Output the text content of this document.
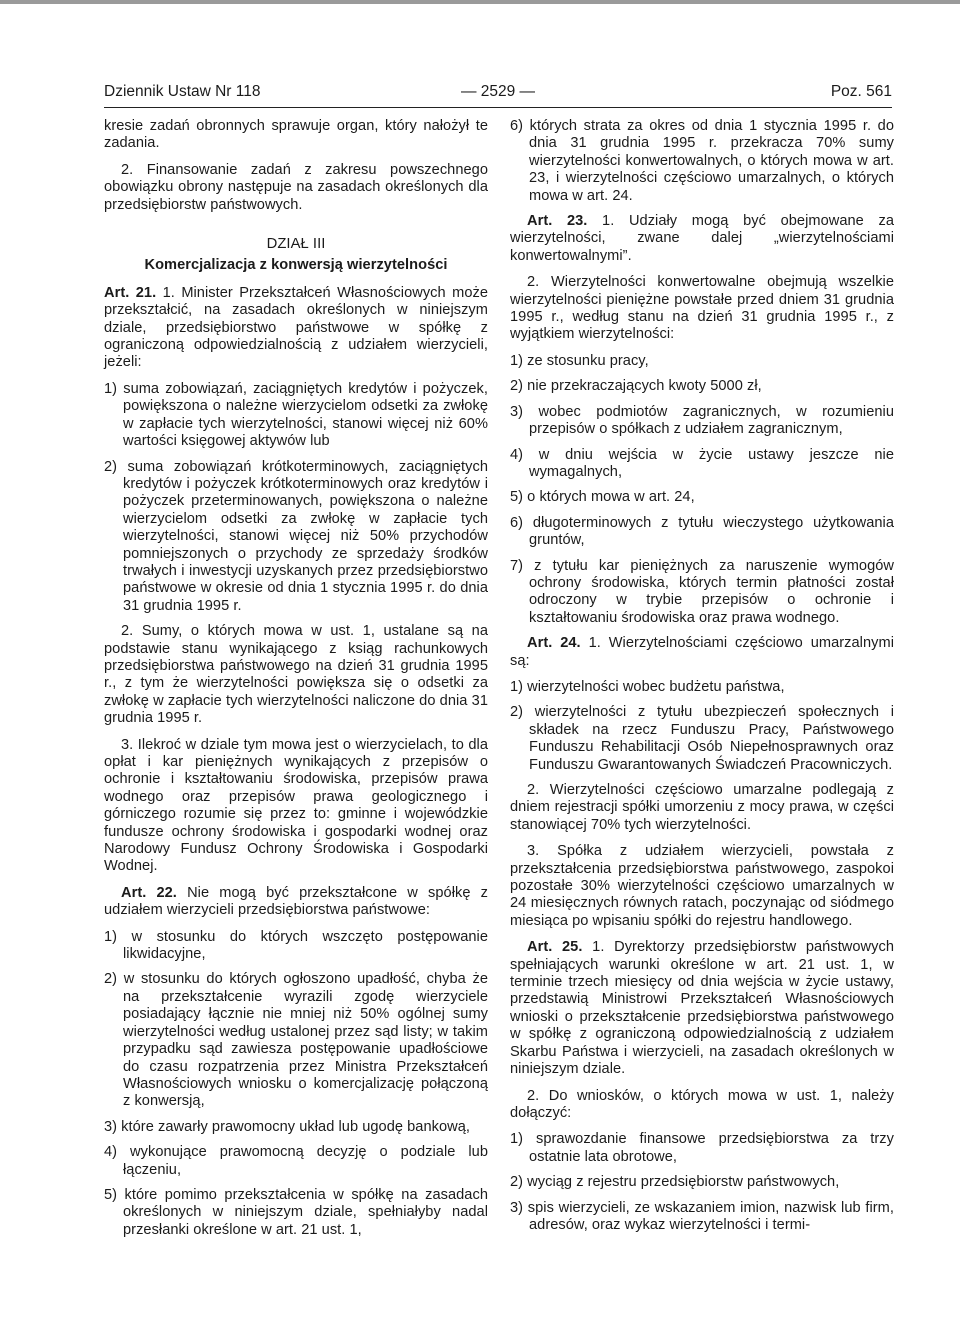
Dziennik Ustaw Nr 118	— 2529 —	Poz. 561

kresie zadań obronnych sprawuje organ, który nałożył te zadania.

2. Finansowanie zadań z zakresu powszechnego obowiązku obrony następuje na zasadach określonych dla przedsiębiorstw państwowych.

DZIAŁ III
Komercjalizacja z konwersją wierzytelności

Art. 21. 1. Minister Przekształceń Własnościowych może przekształcić, na zasadach określonych w niniejszym dziale, przedsiębiorstwo państwowe w spółkę z ograniczoną odpowiedzialnością z udziałem wierzycieli, jeżeli:

1) suma zobowiązań, zaciągniętych kredytów i pożyczek, powiększona o należne wierzycielom odsetki za zwłokę w zapłacie tych wierzytelności, stanowi więcej niż 60% wartości księgowej aktywów lub
2) suma zobowiązań krótkoterminowych, zaciągniętych kredytów i pożyczek krótkoterminowych oraz kredytów i pożyczek przeterminowanych, powiększona o należne wierzycielom odsetki za zwłokę w zapłacie tych wierzytelności, stanowi więcej niż 50% przychodów pomniejszonych o przychody ze sprzedaży środków trwałych i inwestycji uzyskanych przez przedsiębiorstwo państwowe w okresie od dnia 1 stycznia 1995 r. do dnia 31 grudnia 1995 r.

2. Sumy, o których mowa w ust. 1, ustalane są na podstawie stanu wynikającego z ksiąg rachunkowych przedsiębiorstwa państwowego na dzień 31 grudnia 1995 r., z tym że wierzytelności powiększa się o odsetki za zwłokę w zapłacie tych wierzytelności naliczone do dnia 31 grudnia 1995 r.

3. Ilekroć w dziale tym mowa jest o wierzycielach, to dla opłat i kar pieniężnych wynikających z przepisów o ochronie i kształtowaniu środowiska, przepisów prawa wodnego oraz przepisów prawa geologicznego i górniczego rozumie się przez to: gminne i wojewódzkie fundusze ochrony środowiska i gospodarki wodnej oraz Narodowy Fundusz Ochrony Środowiska i Gospodarki Wodnej.

Art. 22. Nie mogą być przekształcone w spółkę z udziałem wierzycieli przedsiębiorstwa państwowe:

1) w stosunku do których wszczęto postępowanie likwidacyjne,
2) w stosunku do których ogłoszono upadłość, chyba że na przekształcenie wyrazili zgodę wierzyciele posiadający łącznie nie mniej niż 50% ogólnej sumy wierzytelności według ustalonej przez sąd listy; w takim przypadku sąd zawiesza postępowanie upadłościowe do czasu rozpatrzenia przez Ministra Przekształceń Własnościowych wniosku o komercjalizację połączoną z konwersją,
3) które zawarły prawomocny układ lub ugodę bankową,
4) wykonujące prawomocną decyzję o podziale lub łączeniu,
5) które pomimo przekształcenia w spółkę na zasadach określonych w niniejszym dziale, spełniałyby nadal przesłanki określone w art. 21 ust. 1,
6) których strata za okres od dnia 1 stycznia 1995 r. do dnia 31 grudnia 1995 r. przekracza 70% sumy wierzytelności konwertowalnych, o których mowa w art. 23, i wierzytelności częściowo umarzalnych, o których mowa w art. 24.

Art. 23. 1. Udziały mogą być obejmowane za wierzytelności, zwane dalej „wierzytelnościami konwertowalnymi”.

2. Wierzytelności konwertowalne obejmują wszelkie wierzytelności pieniężne powstałe przed dniem 31 grudnia 1995 r., według stanu na dzień 31 grudnia 1995 r., z wyjątkiem wierzytelności:

1) ze stosunku pracy,
2) nie przekraczających kwoty 5000 zł,
3) wobec podmiotów zagranicznych, w rozumieniu przepisów o spółkach z udziałem zagranicznym,
4) w dniu wejścia w życie ustawy jeszcze nie wymagalnych,
5) o których mowa w art. 24,
6) długoterminowych z tytułu wieczystego użytkowania gruntów,
7) z tytułu kar pieniężnych za naruszenie wymogów ochrony środowiska, których termin płatności został odroczony w trybie przepisów o ochronie i kształtowaniu środowiska oraz prawa wodnego.

Art. 24. 1. Wierzytelnościami częściowo umarzalnymi są:

1) wierzytelności wobec budżetu państwa,
2) wierzytelności z tytułu ubezpieczeń społecznych i składek na rzecz Funduszu Pracy, Państwowego Funduszu Rehabilitacji Osób Niepełnosprawnych oraz Funduszu Gwarantowanych Świadczeń Pracowniczych.

2. Wierzytelności częściowo umarzalne podlegają z dniem rejestracji spółki umorzeniu z mocy prawa, w części stanowiącej 70% tych wierzytelności.

3. Spółka z udziałem wierzycieli, powstała z przekształcenia przedsiębiorstwa państwowego, zaspokoi pozostałe 30% wierzytelności częściowo umarzalnych w 24 miesięcznych równych ratach, poczynając od siódmego miesiąca po wpisaniu spółki do rejestru handlowego.

Art. 25. 1. Dyrektorzy przedsiębiorstw państwowych spełniających warunki określone w art. 21 ust. 1, w terminie trzech miesięcy od dnia wejścia w życie ustawy, przedstawią Ministrowi Przekształceń Własnościowych wnioski o przekształcenie przedsiębiorstwa państwowego w spółkę z ograniczoną odpowiedzialnością z udziałem Skarbu Państwa i wierzycieli, na zasadach określonych w niniejszym dziale.

2. Do wniosków, o których mowa w ust. 1, należy dołączyć:

1) sprawozdanie finansowe przedsiębiorstwa za trzy ostatnie lata obrotowe,
2) wyciąg z rejestru przedsiębiorstw państwowych,
3) spis wierzycieli, ze wskazaniem imion, nazwisk lub firm, adresów, oraz wykaz wierzytelności i termi-
